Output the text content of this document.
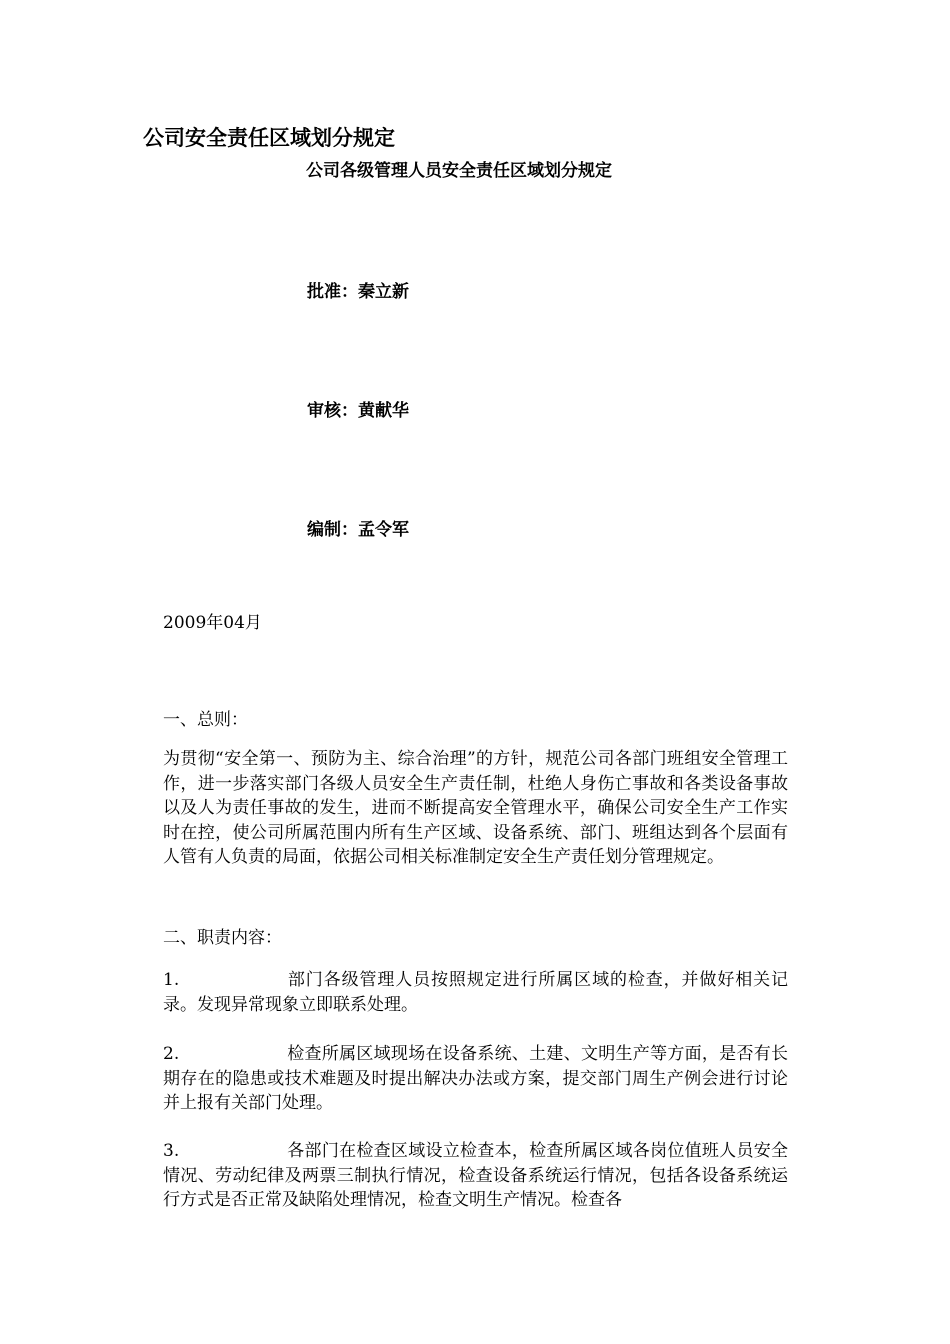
公司安全责任区域划分规定
公司各级管理人员安全责任区域划分规定

批准：秦立新

审核：黄献华

编制：孟令军

2009年04月

一、总则：

为贯彻“安全第一、预防为主、综合治理”的方针，规范公司各部门班组安全管理工作，进一步落实部门各级人员安全生产责任制，杜绝人身伤亡事故和各类设备事故以及人为责任事故的发生，进而不断提高安全管理水平，确保公司安全生产工作实时在控，使公司所属范围内所有生产区域、设备系统、部门、班组达到各个层面有人管有人负责的局面，依据公司相关标准制定安全生产责任划分管理规定。

二、职责内容：

1.	部门各级管理人员按照规定进行所属区域的检查，并做好相关记录。发现异常现象立即联系处理。

2.	检查所属区域现场在设备系统、土建、文明生产等方面，是否有长期存在的隐患或技术难题及时提出解决办法或方案，提交部门周生产例会进行讨论并上报有关部门处理。

3.	各部门在检查区域设立检查本，检查所属区域各岗位值班人员安全情况、劳动纪律及两票三制执行情况，检查设备系统运行情况，包括各设备系统运行方式是否正常及缺陷处理情况，检查文明生产情况。检查各
